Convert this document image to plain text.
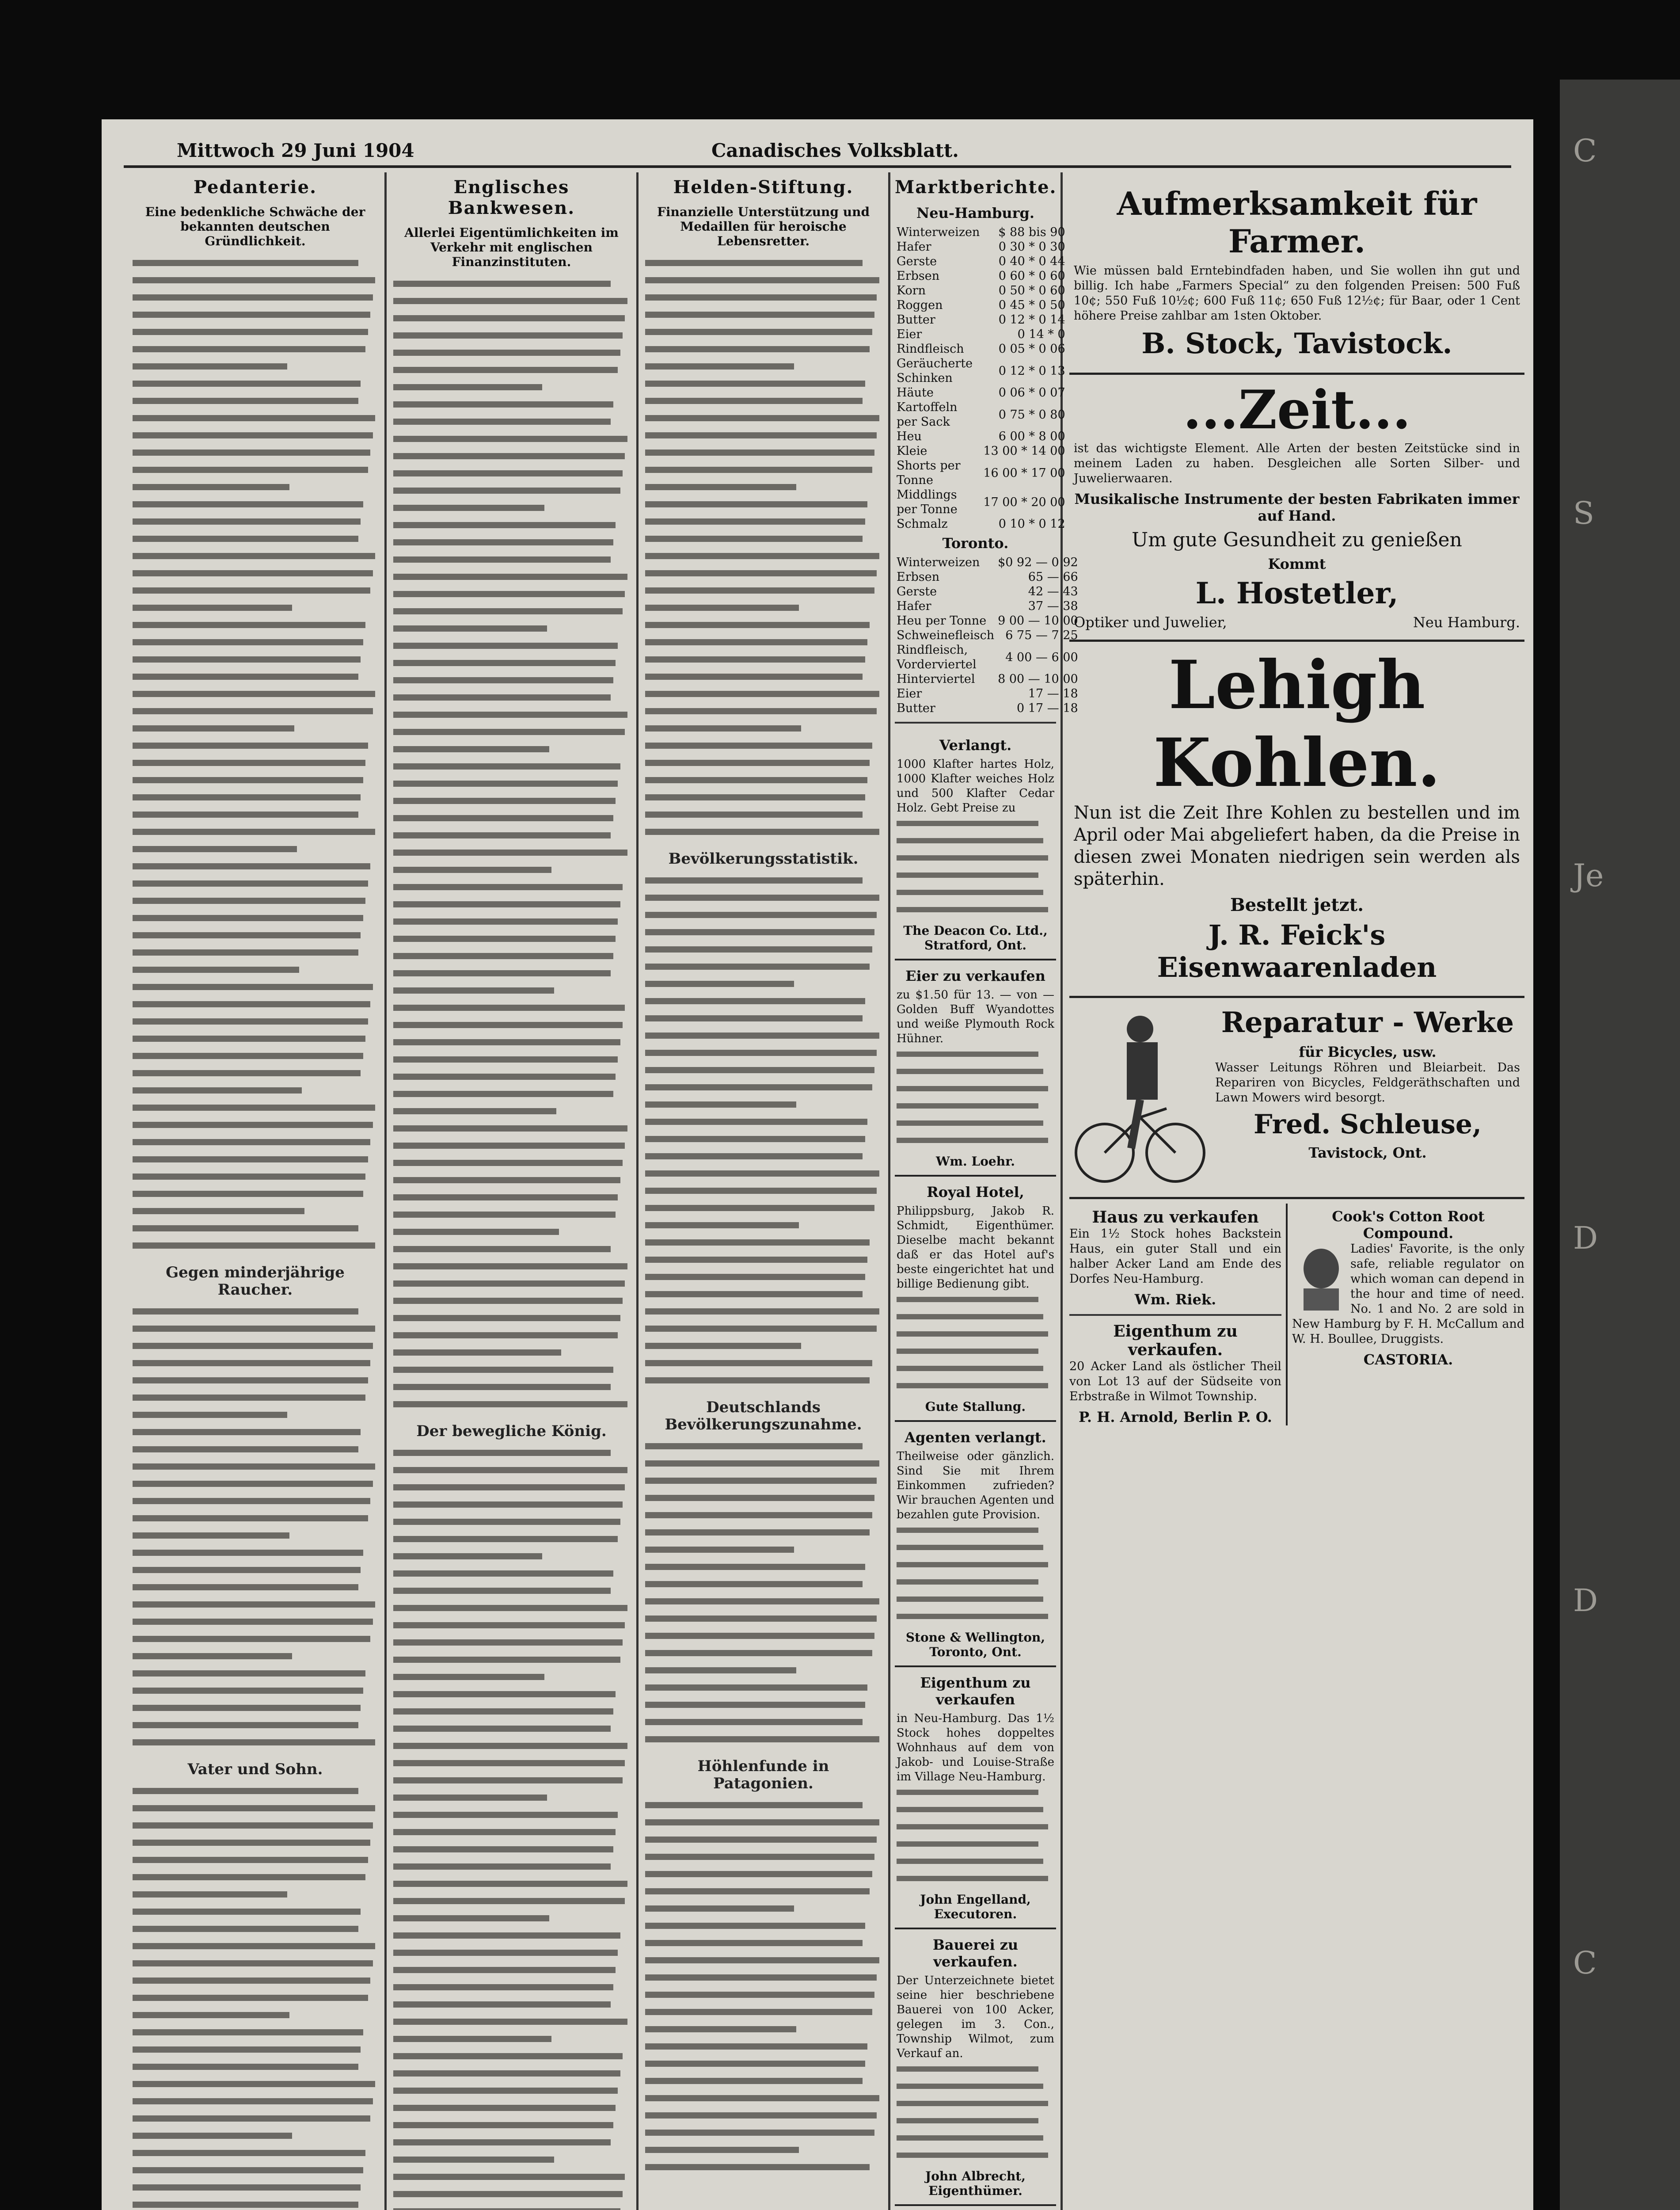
Mittwoch 29 Juni 1904	Canadisches Volksblatt.
Pedanterie.
Eine bedenkliche Schwäche der bekannten deutschen Gründlichkeit.
Gegen minderjährige Raucher.
Vater und Sohn.
Englisches Bankwesen.
Allerlei Eigentümlichkeiten im Verkehr mit englischen Finanzinstituten.
Der bewegliche König.
Helden-Stiftung.
Finanzielle Unterstützung und Medaillen für heroische Lebensretter.
Bevölkerungsstatistik.
Deutschlands Bevölkerungszunahme.
Höhlenfunde in Patagonien.
Marktberichte.
Neu-Hamburg.
Winterweizen	$ 88 bis 90
Hafer	0 30 * 0 30
Gerste	0 40 * 0 44
Erbsen	0 60 * 0 60
Korn	0 50 * 0 60
Roggen	0 45 * 0 50
Butter	0 12 * 0 14
Eier	0 14 * 0
Rindfleisch	0 05 * 0 06
Geräucherte Schinken	0 12 * 0 13
Häute	0 06 * 0 07
Kartoffeln per Sack	0 75 * 0 80
Heu	6 00 * 8 00
Kleie	13 00 * 14 00
Shorts per Tonne	16 00 * 17 00
Middlings per Tonne	17 00 * 20 00
Schmalz	0 10 * 0 12
Toronto.
Winterweizen	$0 92 — 0 92
Erbsen	65 — 66
Gerste	42 — 43
Hafer	37 — 38
Heu per Tonne	9 00 — 10 00
Schweinefleisch	6 75 — 7 25
Rindfleisch, Vorderviertel	4 00 — 6 00
Hinterviertel	8 00 — 10 00
Eier	17 — 18
Butter	0 17 — 18
Verlangt.
1000 Klafter hartes Holz, 1000 Klafter weiches Holz und 500 Klafter Cedar Holz. Gebt Preise zu
The Deacon Co. Ltd., Stratford, Ont.
Eier zu verkaufen
zu $1.50 für 13. — von — Golden Buff Wyandottes und weiße Plymouth Rock Hühner.
Wm. Loehr.
Royal Hotel,
Philippsburg, Jakob R. Schmidt, Eigenthümer. Dieselbe macht bekannt daß er das Hotel auf's beste eingerichtet hat und billige Bedienung gibt.
Gute Stallung.
Agenten verlangt.
Theilweise oder gänzlich. Sind Sie mit Ihrem Einkommen zufrieden? Wir brauchen Agenten und bezahlen gute Provision.
Stone & Wellington, Toronto, Ont.
Eigenthum zu verkaufen
in Neu-Hamburg. Das 1½ Stock hohes doppeltes Wohnhaus auf dem von Jakob- und Louise-Straße im Village Neu-Hamburg.
John Engelland, Executoren.
Bauerei zu verkaufen.
Der Unterzeichnete bietet seine hier beschriebene Bauerei von 100 Acker, gelegen im 3. Con., Township Wilmot, zum Verkauf an.
John Albrecht, Eigenthümer.
Aufmerksamkeit für Farmer.
Wie müssen bald Erntebindfaden haben, und Sie wollen ihn gut und billig. Ich habe „Farmers Special“ zu den folgenden Preisen: 500 Fuß 10¢; 550 Fuß 10½¢; 600 Fuß 11¢; 650 Fuß 12½¢; für Baar, oder 1 Cent höhere Preise zahlbar am 1sten Oktober.
B. Stock, Tavistock.
...Zeit...
ist das wichtigste Element. Alle Arten der besten Zeitstücke sind in meinem Laden zu haben. Desgleichen alle Sorten Silber- und Juwelierwaaren.
Musikalische Instrumente der besten Fabrikaten immer auf Hand.
Um gute Gesundheit zu genießen
Kommt
L. Hostetler,
Optiker und Juwelier,	Neu Hamburg.
Lehigh Kohlen.
Nun ist die Zeit Ihre Kohlen zu bestellen und im April oder Mai abgeliefert haben, da die Preise in diesen zwei Monaten niedrigen sein werden als späterhin.
Bestellt jetzt.
J. R. Feick's Eisenwaarenladen
Reparatur - Werke
für Bicycles, usw.
Wasser Leitungs Röhren und Bleiarbeit. Das Repariren von Bicycles, Feldgeräthschaften und Lawn Mowers wird besorgt.
Fred. Schleuse,
Tavistock, Ont.
Haus zu verkaufen
Ein 1½ Stock hohes Backstein Haus, ein guter Stall und ein halber Acker Land am Ende des Dorfes Neu-Hamburg.
Wm. Riek.
Eigenthum zu verkaufen.
20 Acker Land als östlicher Theil von Lot 13 auf der Südseite von Erbstraße in Wilmot Township.
P. H. Arnold, Berlin P. O.
Cook's Cotton Root Compound.
Ladies' Favorite, is the only safe, reliable regulator on which woman can depend in the hour and time of need. No. 1 and No. 2 are sold in New Hamburg by F. H. McCallum and W. H. Boullee, Druggists.
CASTORIA.
C
S
Je
D
D
C
